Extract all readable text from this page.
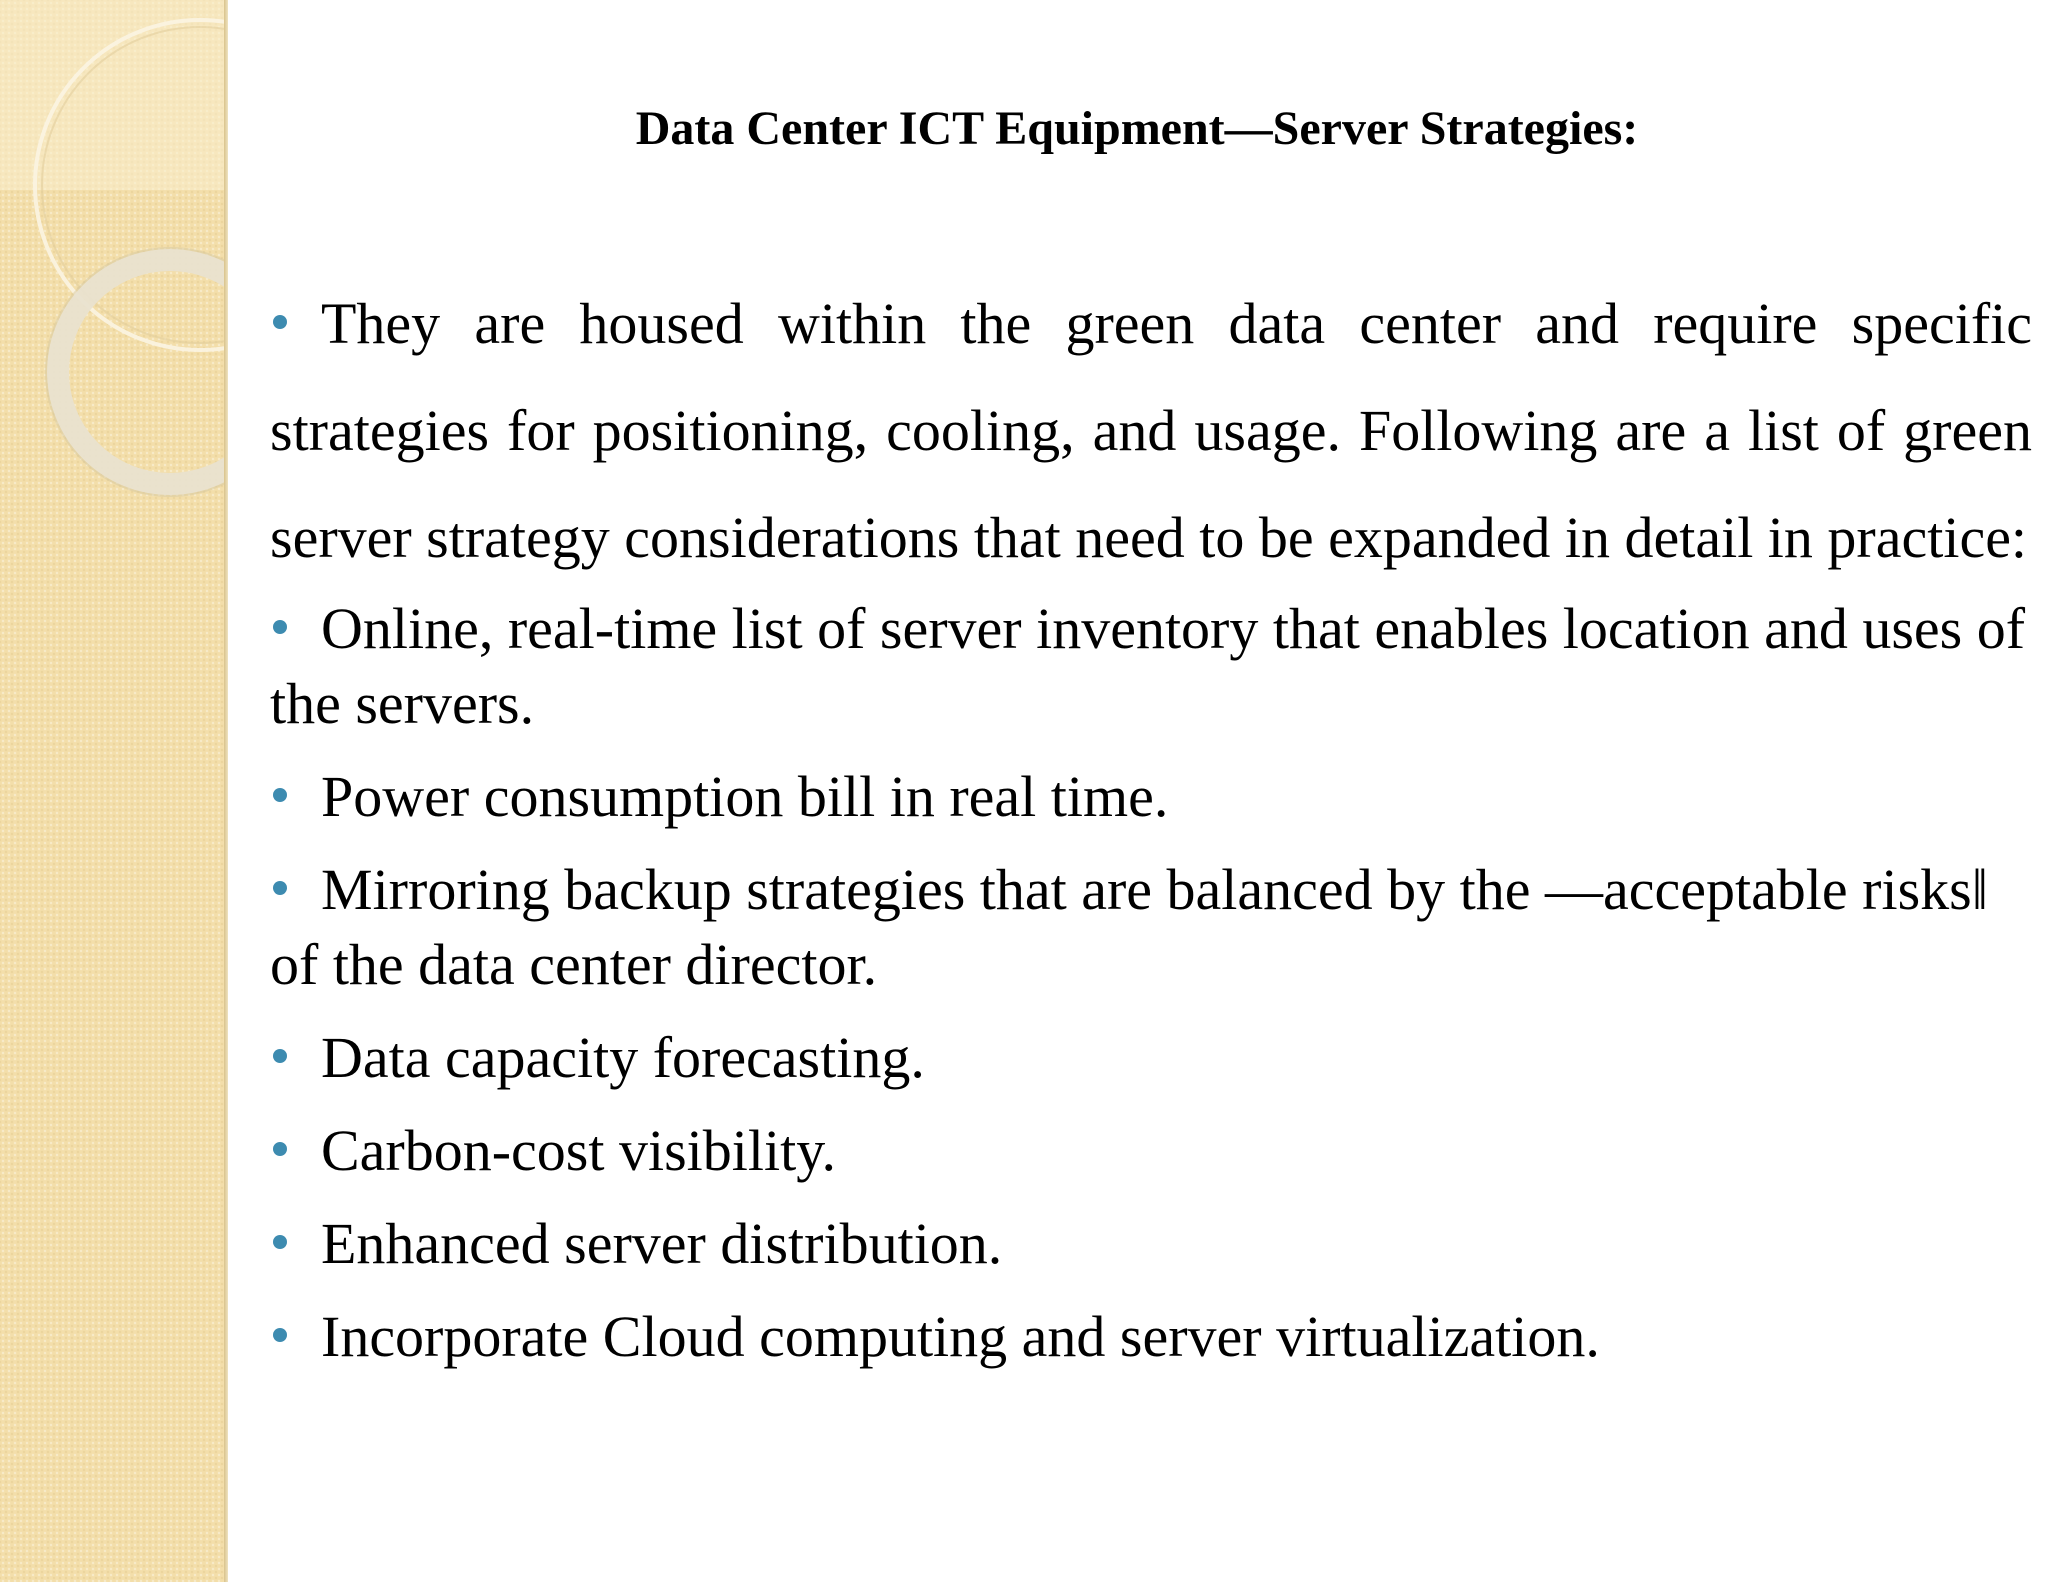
Data Center ICT Equipment—Server Strategies:
They are housed within the green data center and require specific strategies for positioning, cooling, and usage. Following are a list of green server strategy considerations that need to be expanded in detail in practice:
Online, real-time list of server inventory that enables location and uses of the servers.
Power consumption bill in real time.
Mirroring backup strategies that are balanced by the ―acceptable risks‖ of the data center director.
Data capacity forecasting.
Carbon-cost visibility.
Enhanced server distribution.
Incorporate Cloud computing and server virtualization.
